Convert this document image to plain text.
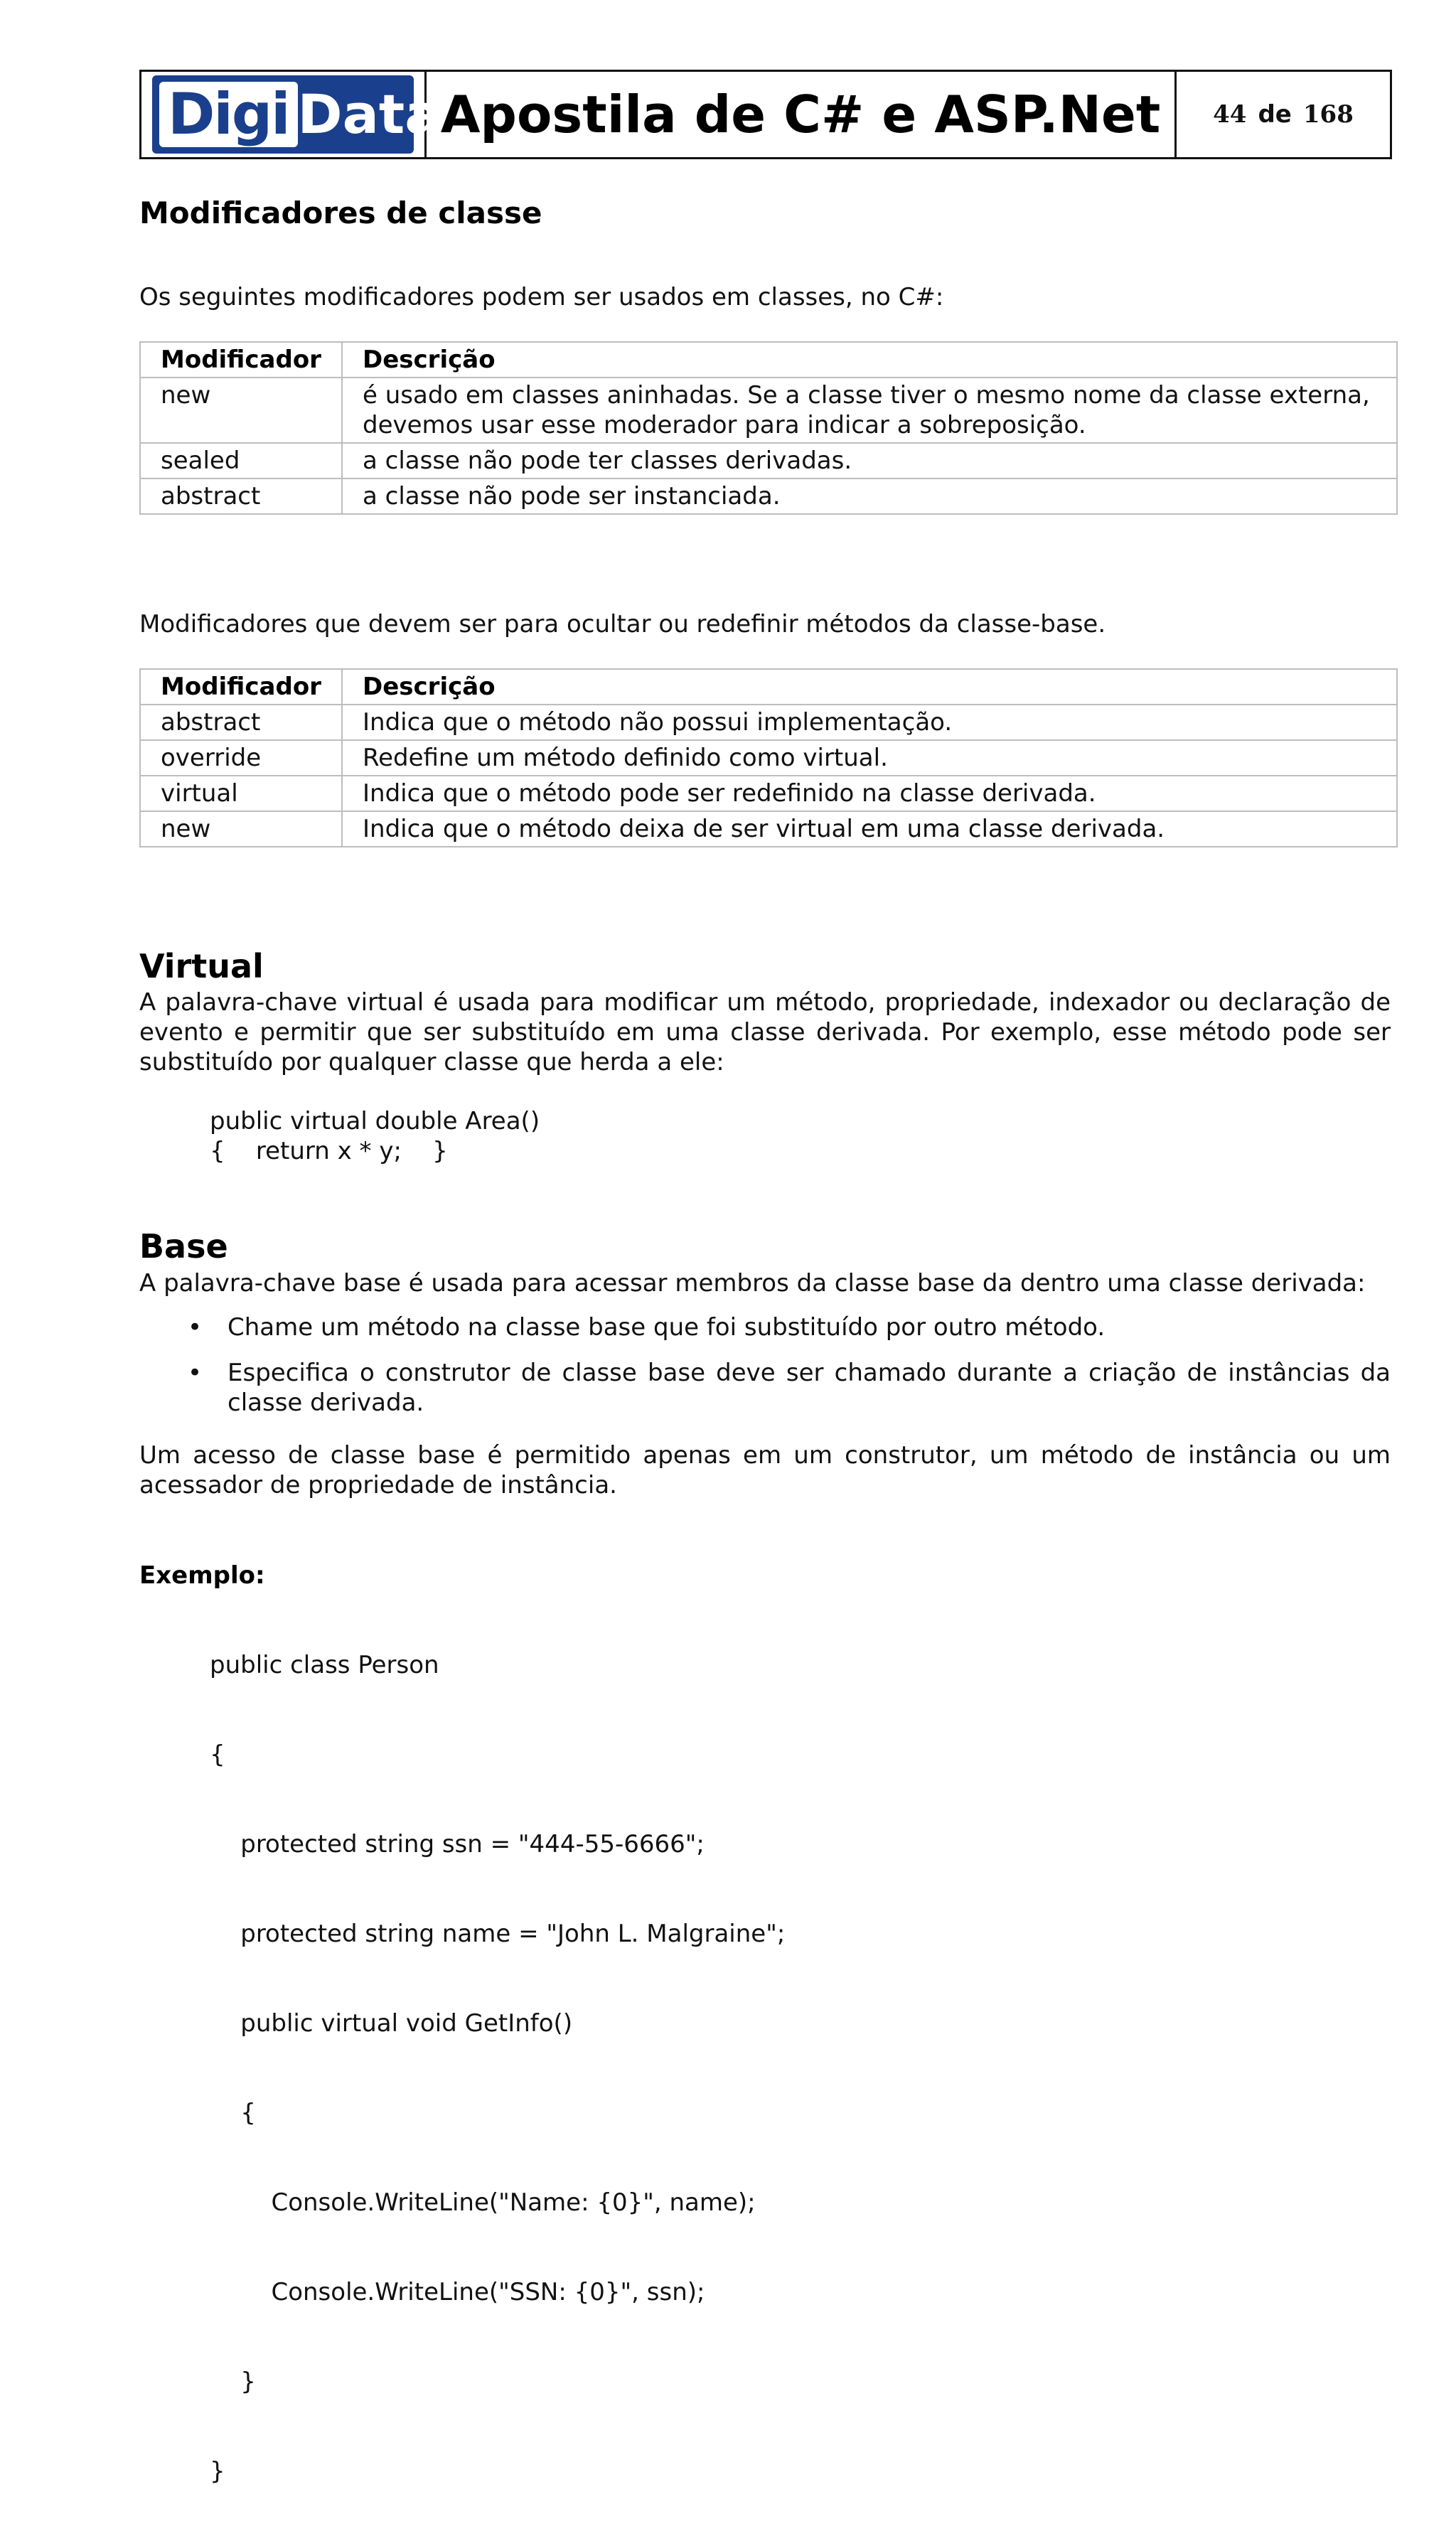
Digi Data Apostila de C# e ASP.Net	44 de 168
Modificadores de classe
Os seguintes modificadores podem ser usados em classes, no C#:
Modificador	Descrição
new	é usado em classes aninhadas. Se a classe tiver o mesmo nome da classe externa, devemos usar esse moderador para indicar a sobreposição.
sealed	a classe não pode ter classes derivadas.
abstract	a classe não pode ser instanciada.
Modificadores que devem ser para ocultar ou redefinir métodos da classe-base.
Modificador	Descrição
abstract	Indica que o método não possui implementação.
override	Redefine um método definido como virtual.
virtual	Indica que o método pode ser redefinido na classe derivada.
new	Indica que o método deixa de ser virtual em uma classe derivada.
Virtual
A palavra-chave virtual é usada para modificar um método, propriedade, indexador ou declaração de evento e permitir que ser substituído em uma classe derivada. Por exemplo, esse método pode ser substituído por qualquer classe que herda a ele:
public virtual double Area()
{    return x * y;    }
Base
A palavra-chave base é usada para acessar membros da classe base da dentro uma classe derivada:
•	Chame um método na classe base que foi substituído por outro método.
•	Especifica o construtor de classe base deve ser chamado durante a criação de instâncias da classe derivada.
Um acesso de classe base é permitido apenas em um construtor, um método de instância ou um acessador de propriedade de instância.
Exemplo:

public class Person

{

protected string ssn = "444-55-6666";

protected string name = "John L. Malgraine";

public virtual void GetInfo()

{

Console.WriteLine("Name: {0}", name);

Console.WriteLine("SSN: {0}", ssn);

}

}
